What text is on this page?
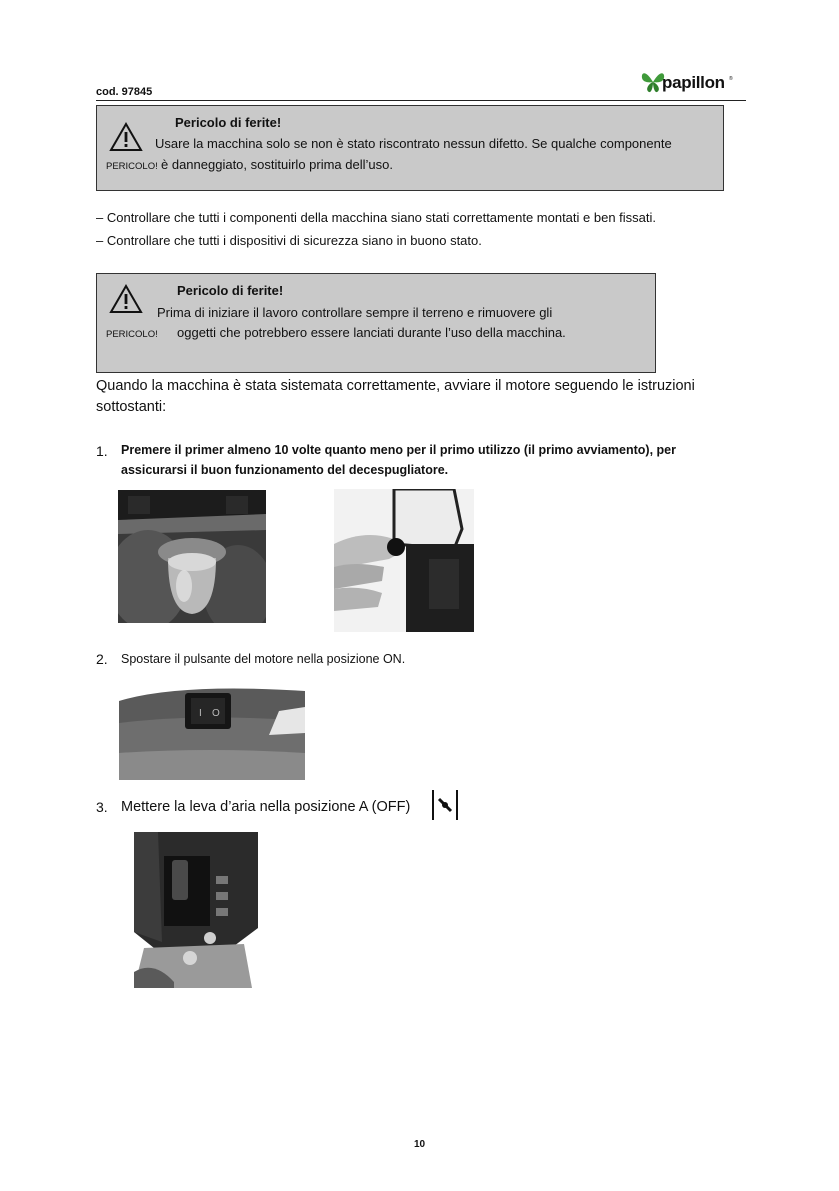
cod. 97845	papillon ®
Pericolo di ferite!
Usare la macchina solo se non è stato riscontrato nessun difetto. Se qualche componente
PERICOLO! è danneggiato, sostituirlo prima dell’uso.
– Controllare che tutti i componenti della macchina siano stati correttamente montati e ben fissati.
– Controllare che tutti i dispositivi di sicurezza siano in buono stato.
Pericolo di ferite!
Prima di iniziare il lavoro controllare sempre il terreno e rimuovere gli
PERICOLO! oggetti che potrebbero essere lanciati durante l’uso della macchina.
Quando la macchina è stata sistemata correttamente, avviare il motore seguendo le istruzioni
sottostanti:
1. Premere il primer almeno 10 volte quanto meno per il primo utilizzo (il primo avviamento), per
assicurarsi il buon funzionamento del decespugliatore.
2. Spostare il pulsante del motore nella posizione ON.
I O
3. Mettere la leva d’aria nella posizione A (OFF)
10
